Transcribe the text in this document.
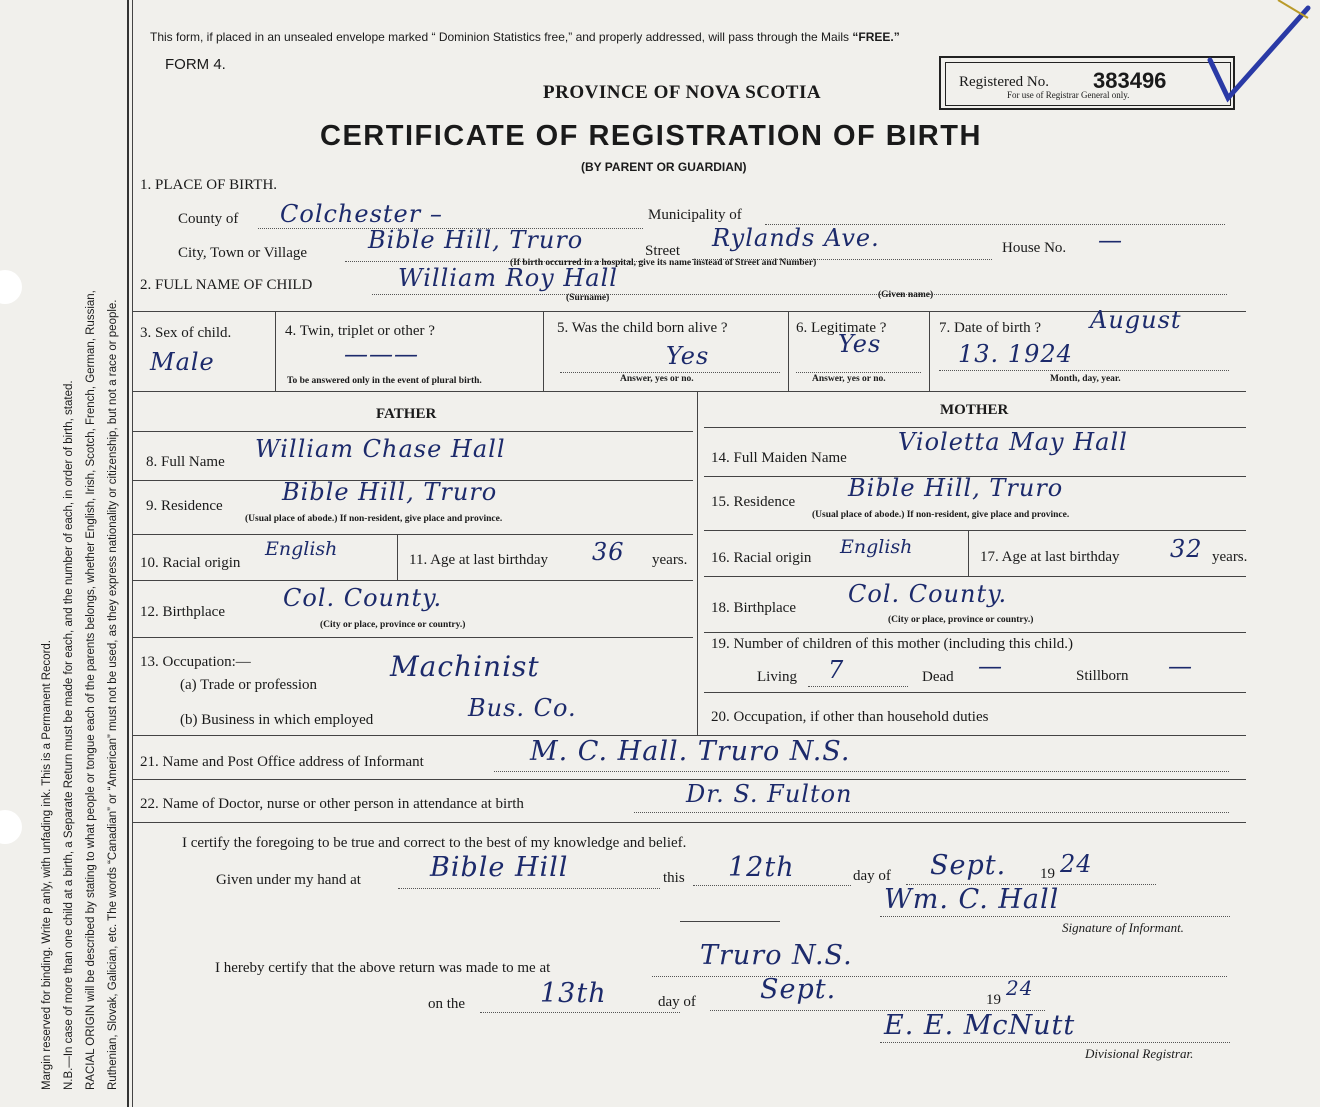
Margin reserved for binding. Write p anly, with unfading ink. This is a Permanent Record. N.B.—In case of more than one child at a birth, a Separate Return must be made for each, and the number of each, in order of birth, stated. RACIAL ORIGIN will be described by stating to what people or tongue each of the parents belongs, whether English, Irish, Scotch, French, German, Russian, Ruthenian, Slovak, Galician, etc. The words “Canadian” or “American” must not be used, as they express nationality or citizenship, but not a race or people.
This form, if placed in an unsealed envelope marked “ Dominion Statistics free,” and properly addressed, will pass through the Mails “FREE.”
FORM 4.
PROVINCE OF NOVA SCOTIA
CERTIFICATE OF REGISTRATION OF BIRTH
(BY PARENT OR GUARDIAN)
Registered No. 383496
For use of Registrar General only.
1. PLACE OF BIRTH.
County of Colchester –	Municipality of
City, Town or Village	Bible Hill, Truro	Street Rylands Ave.	House No. —
(If birth occurred in a hospital, give its name instead of Street and Number)
2. FULL NAME OF CHILD	William Roy Hall
(Surname)	(Given name)
3. Sex of child.
Male
4. Twin, triplet or other ?
———
To be answered only in the event of plural birth.
5. Was the child born alive ?
Yes
Answer, yes or no.
6. Legitimate ?
Yes
Answer, yes or no.
7. Date of birth ? August
13. 1924
Month, day, year.
FATHER	MOTHER
8. Full Name William Chase Hall
9. Residence Bible Hill, Truro
(Usual place of abode.) If non-resident, give place and province.
10. Racial origin
English	11. Age at last birthday 36 years.
12. Birthplace Col. County.
(City or place, province or country.)
13. Occupation:—
(a) Trade or profession
Machinist
(b) Business in which employed	Bus. Co.
14. Full Maiden Name
Violetta May Hall
15. Residence Bible Hill, Truro
(Usual place of abode.) If non-resident, give place and province.
16. Racial origin English	17. Age at last birthday 32 years.
18. Birthplace Col. County.
(City or place, province or country.)
19. Number of children of this mother (including this child.)
Living 7	Dead —	Stillborn —
20. Occupation, if other than household duties
21. Name and Post Office address of Informant	M. C. Hall. Truro N.S.
22. Name of Doctor, nurse or other person in attendance at birth	Dr. S. Fulton
I certify the foregoing to be true and correct to the best of my knowledge and belief.
Given under my hand at	Bible Hill	this 12th	day of Sept. 19 24
Wm. C. Hall
Signature of Informant.
I hereby certify that the above return was made to me at	Truro N.S.
on the	13th	day of Sept.	19 24
E. E. McNutt
Divisional Registrar.
